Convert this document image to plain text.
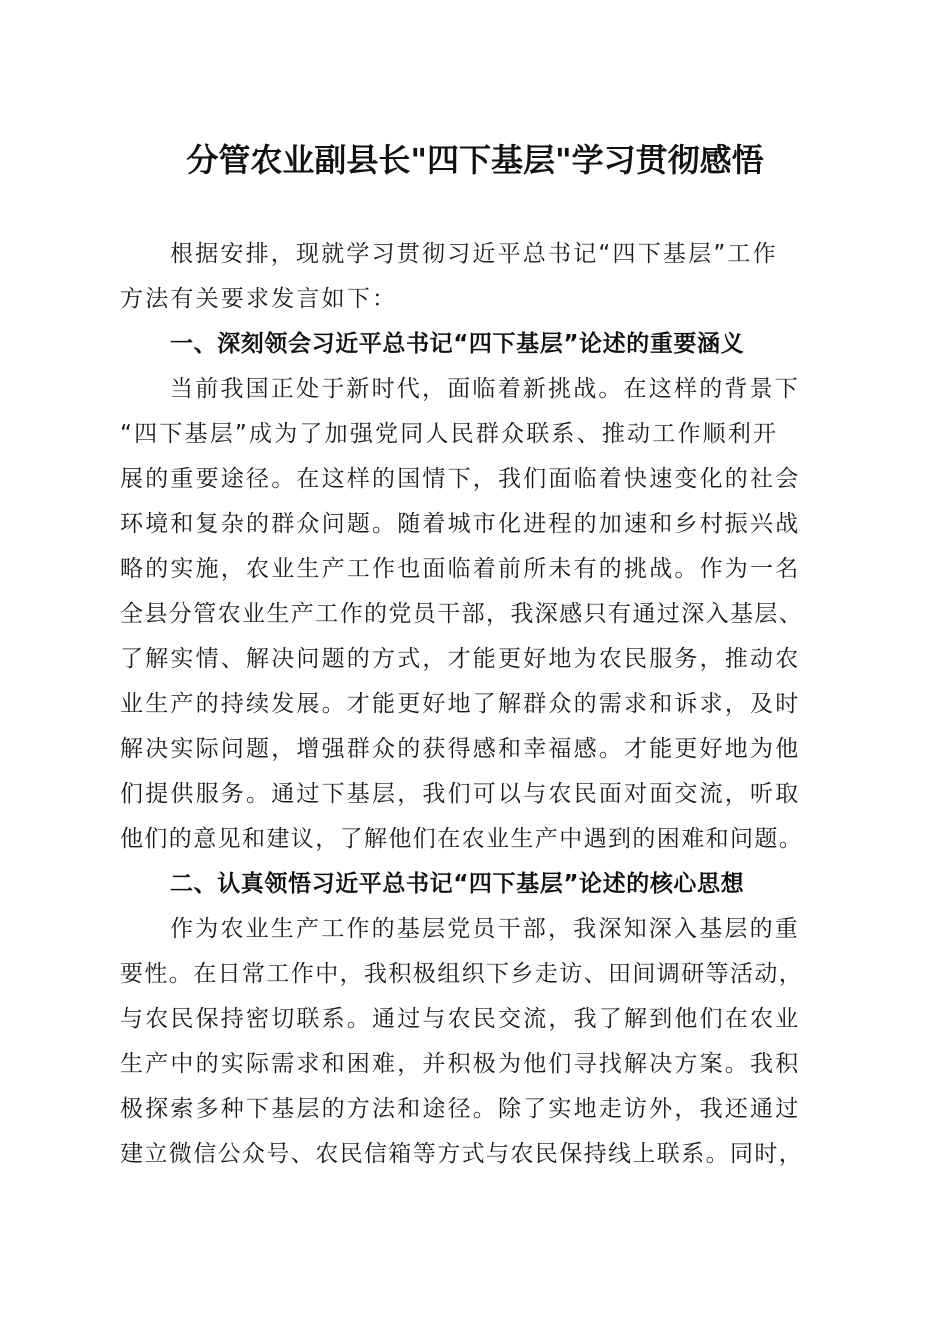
分管农业副县长"四下基层"学习贯彻感悟
根据安排，现就学习贯彻习近平总书记“四下基层”工作
方法有关要求发言如下：
一、深刻领会习近平总书记“四下基层”论述的重要涵义
当前我国正处于新时代，面临着新挑战。在这样的背景下
“四下基层”成为了加强党同人民群众联系、推动工作顺利开
展的重要途径。在这样的国情下，我们面临着快速变化的社会
环境和复杂的群众问题。随着城市化进程的加速和乡村振兴战
略的实施，农业生产工作也面临着前所未有的挑战。作为一名
全县分管农业生产工作的党员干部，我深感只有通过深入基层、
了解实情、解决问题的方式，才能更好地为农民服务，推动农
业生产的持续发展。才能更好地了解群众的需求和诉求，及时
解决实际问题，增强群众的获得感和幸福感。才能更好地为他
们提供服务。通过下基层，我们可以与农民面对面交流，听取
他们的意见和建议，了解他们在农业生产中遇到的困难和问题。
二、认真领悟习近平总书记“四下基层”论述的核心思想
作为农业生产工作的基层党员干部，我深知深入基层的重
要性。在日常工作中，我积极组织下乡走访、田间调研等活动，
与农民保持密切联系。通过与农民交流，我了解到他们在农业
生产中的实际需求和困难，并积极为他们寻找解决方案。我积
极探索多种下基层的方法和途径。除了实地走访外，我还通过
建立微信公众号、农民信箱等方式与农民保持线上联系。同时，
